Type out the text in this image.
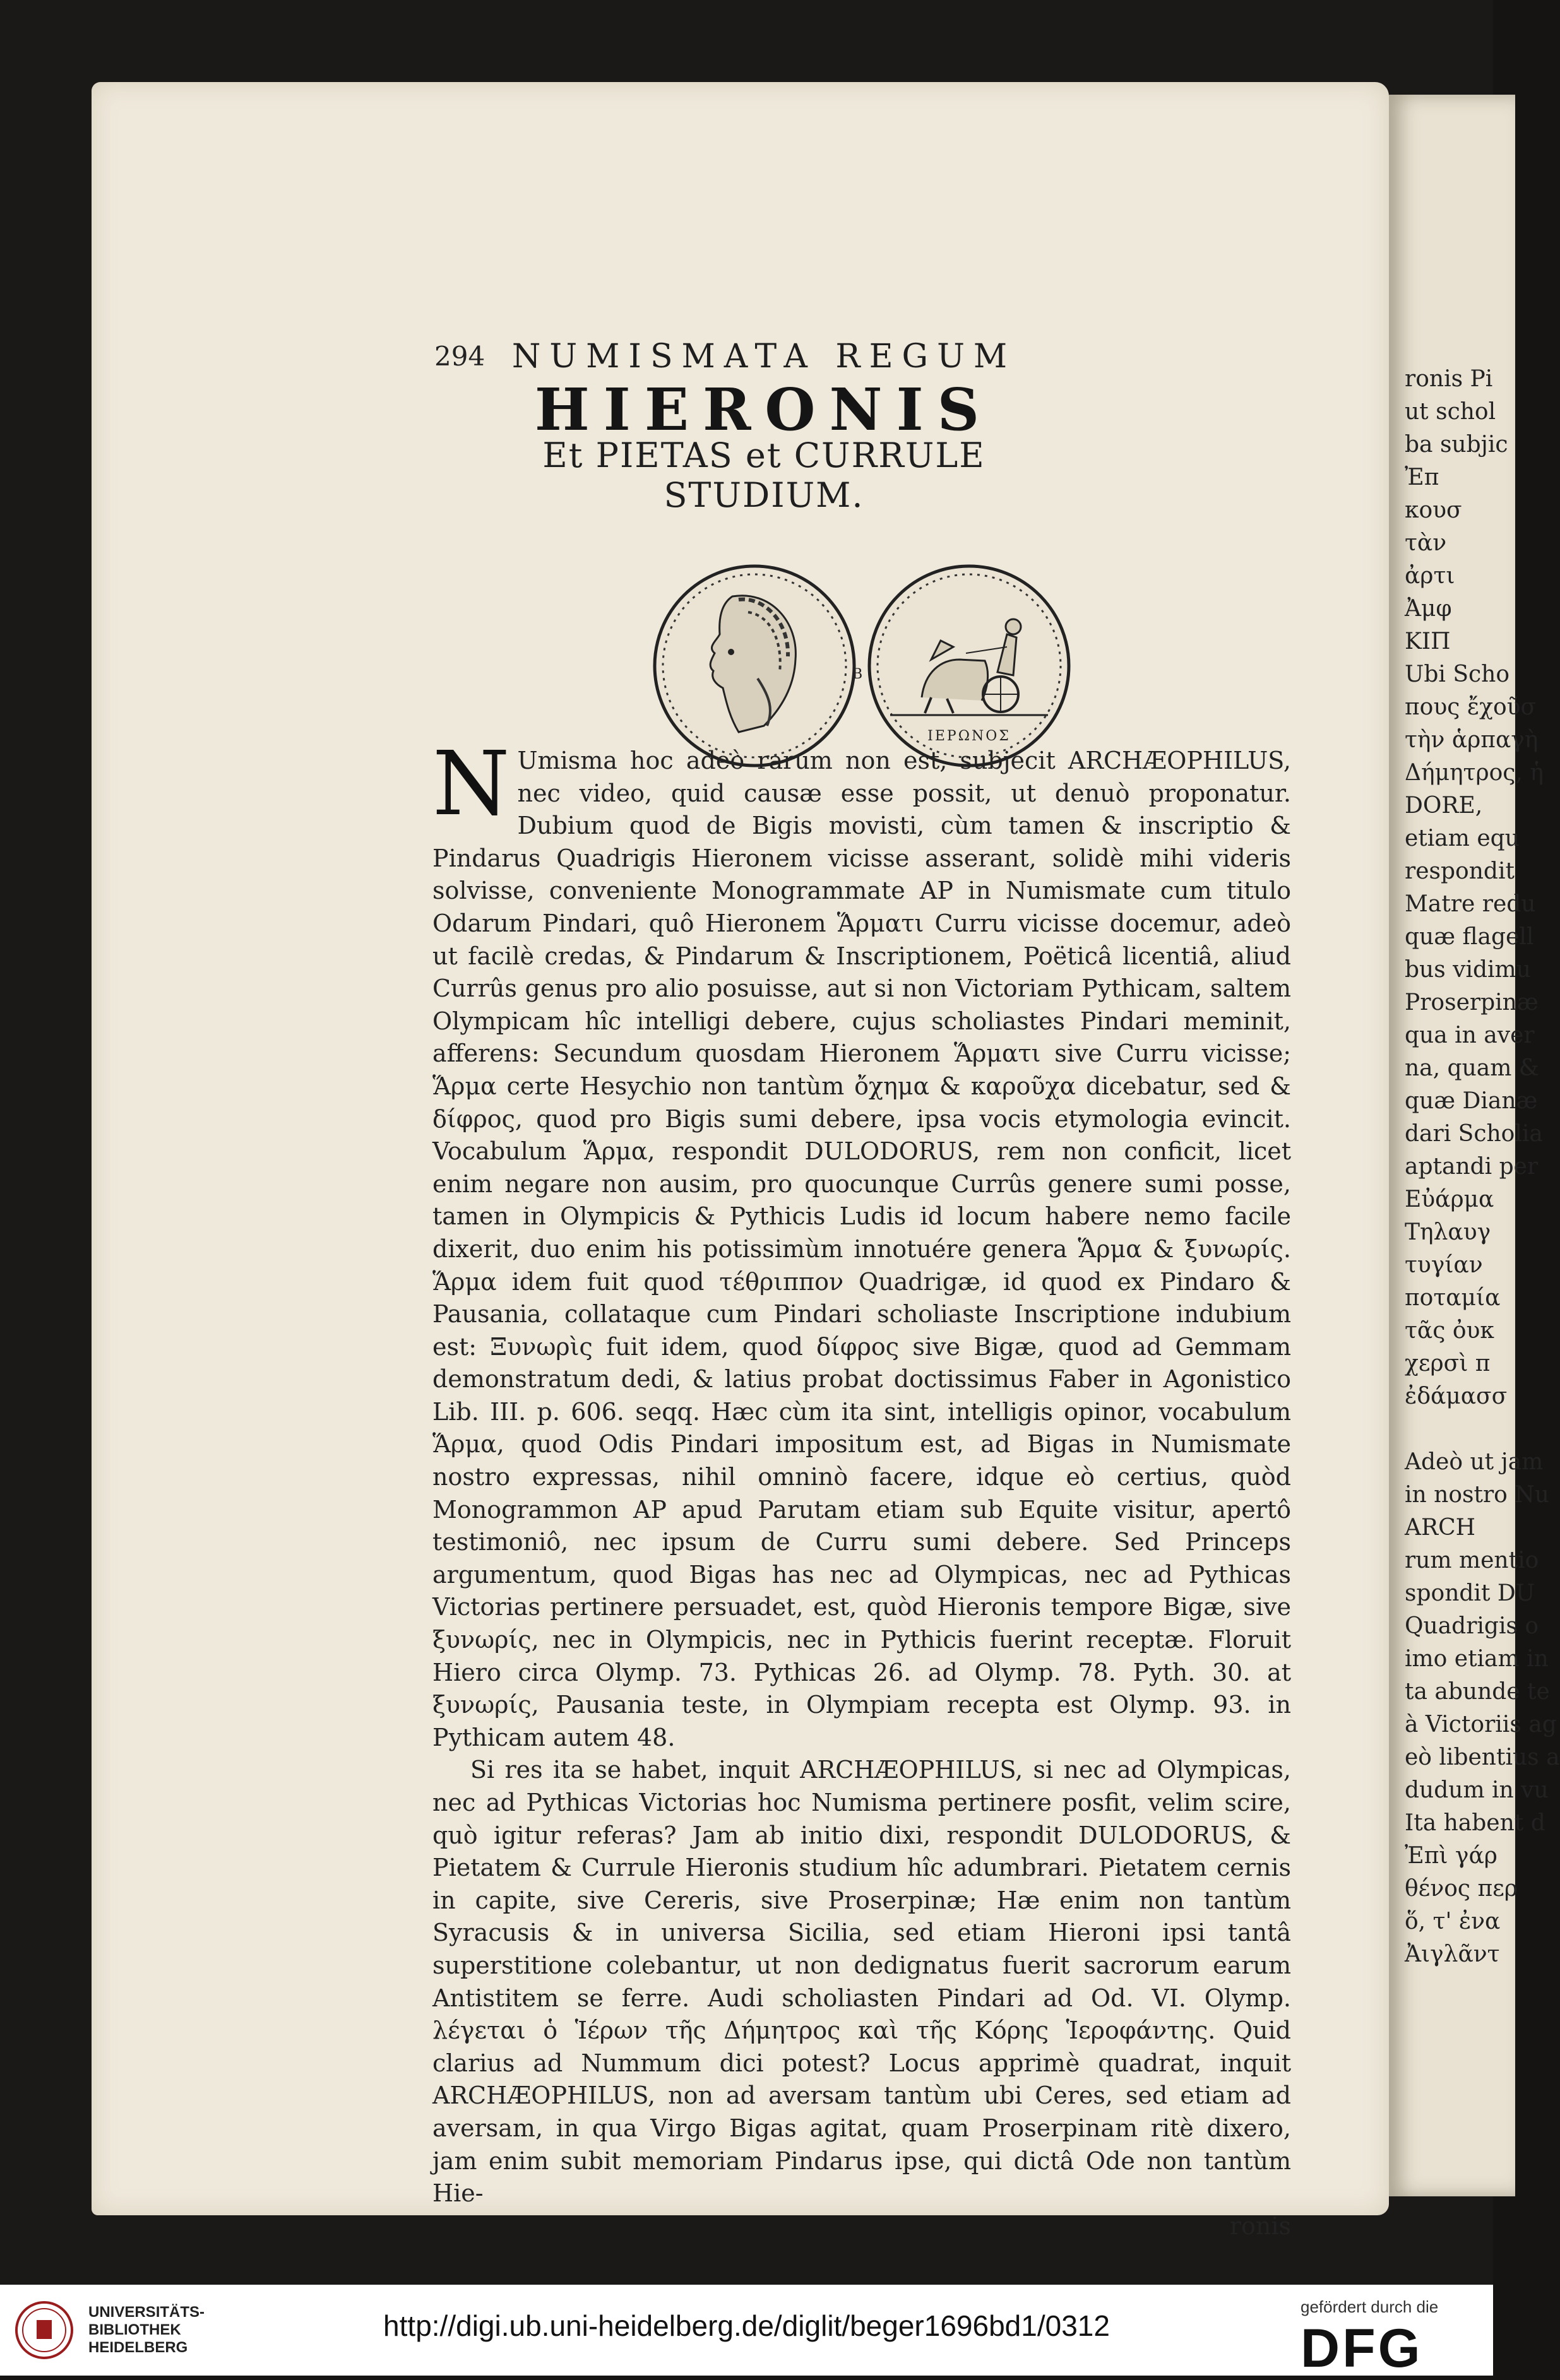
294 NUMISMATA REGUM
HIERONIS
Et PIETAS et CURRULE STUDIUM.
B
ΙΕΡΩΝΟΣ

N Umisma hoc adeò rarum non est, subjecit ARCHÆOPHILUS, nec video, quid causæ esse possit, ut denuò proponatur. Dubium quod de Bigis movisti, cùm tamen & inscriptio & Pindarus Quadrigis Hieronem vicisse asserant, solidè mihi videris solvisse, conveniente Monogrammate AP in Numismate cum titulo Odarum Pindari, quô Hieronem Ἅρματι Curru vicisse docemur, adeò ut facilè credas, & Pindarum & Inscriptionem, Poëticâ licentiâ, aliud Currûs genus pro alio posuisse, aut si non Victoriam Pythicam, saltem Olympicam hîc intelligi debere, cujus scholiastes Pindari meminit, afferens: Secundum quosdam Hieronem Ἅρματι sive Curru vicisse; Ἅρμα certe Hesychio non tantùm ὄχημα & καροῦχα dicebatur, sed & δίφρος, quod pro Bigis sumi debere, ipsa vocis etymologia evincit. Vocabulum Ἅρμα, respondit DULODORUS, rem non conficit, licet enim negare non ausim, pro quocunque Currûs genere sumi posse, tamen in Olympicis & Pythicis Ludis id locum habere nemo facile dixerit, duo enim his potissimùm innotuére genera Ἅρμα & ξυνωρίς. Ἅρμα idem fuit quod τέθριππον Quadrigæ, id quod ex Pindaro & Pausania, collataque cum Pindari scholiaste Inscriptione indubium est: Ξυνωρὶς fuit idem, quod δίφρος sive Bigæ, quod ad Gemmam demonstratum dedi, & latius probat doctissimus Faber in Agonistico Lib. III. p. 606. seqq. Hæc cùm ita sint, intelligis opinor, vocabulum Ἅρμα, quod Odis Pindari impositum est, ad Bigas in Numismate nostro expressas, nihil omninò facere, idque eò certius, quòd Monogrammon AP apud Parutam etiam sub Equite visitur, apertô testimoniô, nec ipsum de Curru sumi debere. Sed Princeps argumentum, quod Bigas has nec ad Olympicas, nec ad Pythicas Victorias pertinere persuadet, est, quòd Hieronis tempore Bigæ, sive ξυνωρίς, nec in Olympicis, nec in Pythicis fuerint receptæ. Floruit Hiero circa Olymp. 73. Pythicas 26. ad Olymp. 78. Pyth. 30. at ξυνωρίς, Pausania teste, in Olympiam recepta est Olymp. 93. in Pythicam autem 48.

Si res ita se habet, inquit ARCHÆOPHILUS, si nec ad Olympicas, nec ad Pythicas Victorias hoc Numisma pertinere posfit, velim scire, quò igitur referas? Jam ab initio dixi, respondit DULODORUS, & Pietatem & Currule Hieronis studium hîc adumbrari. Pietatem cernis in capite, sive Cereris, sive Proserpinæ; Hæ enim non tantùm Syracusis & in universa Sicilia, sed etiam Hieroni ipsi tantâ superstitione colebantur, ut non dedignatus fuerit sacrorum earum Antistitem se ferre. Audi scholiasten Pindari ad Od. VI. Olymp. λέγεται ὁ Ἱέρων τῆς Δήμητρος καὶ τῆς Κόρης Ἱεροφάντης. Quid clarius ad Nummum dici potest? Locus apprimè quadrat, inquit ARCHÆOPHILUS, non ad aversam tantùm ubi Ceres, sed etiam ad aversam, in qua Virgo Bigas agitat, quam Proserpinam ritè dixero, jam enim subit memoriam Pindarus ipse, qui dictâ Ode non tantùm Hie-

ronis

ronis Pi
ut schol
ba subjic
Ἐπ
κουσ
τὰν
ἀρτι
Ἀμφ
ΚΙΠ
Ubi Scho
πους ἔχοῦσ
τὴν ἁρπαγὴ
Δήμητρος, ἡ
DORE,
etiam equ
respondit
Matre redu
quæ flagell
bus vidimu
Proserpinæ
qua in aver
na, quam &
quæ Dianæ
dari Scholia
aptandi per
Εὐάρμα
Τηλαυγ
τυγίαν
ποταμία
τᾶς ὀυκ
χερσὶ π
ἐδάμασσ
Adeò ut jam
in nostro Nu
ARCH
rum mentio
spondit DU
Quadrigis o
imo etiam in
ta abunde te
à Victoriis ag
eò libentius a
dudum in vu
Ita habent d
Ἐπὶ γάρ
θένος περ
ὅ, τ' ἐνα
Ἀιγλᾶντ
UNIVERSITÄTS-
BIBLIOTHEK
HEIDELBERG
http://digi.ub.uni-heidelberg.de/diglit/beger1696bd1/0312
gefördert durch die
DFG
